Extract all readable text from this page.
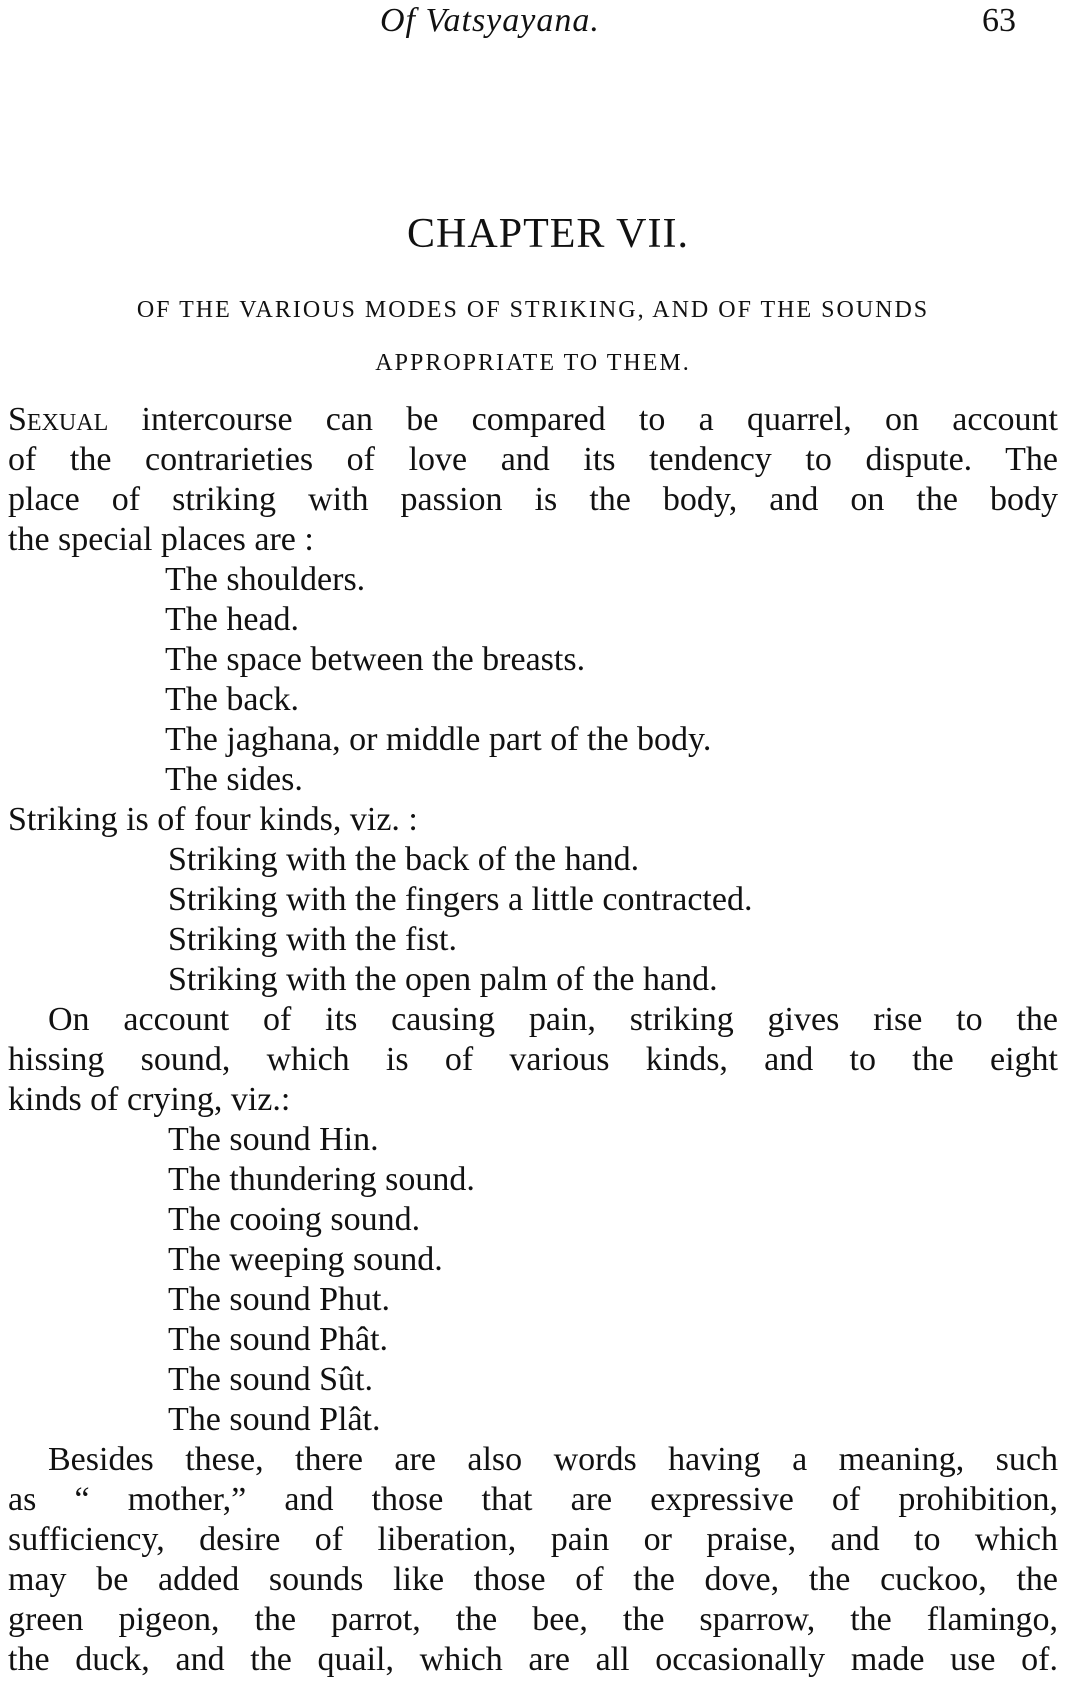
Of Vatsyayana.	63
CHAPTER VII.
OF THE VARIOUS MODES OF STRIKING, AND OF THE SOUNDS
APPROPRIATE TO THEM.
Sexual intercourse can be compared to a quarrel, on account
of the contrarieties of love and its tendency to dispute. The
place of striking with passion is the body, and on the body
the special places are :
The shoulders.
The head.
The space between the breasts.
The back.
The jaghana, or middle part of the body.
The sides.
Striking is of four kinds, viz. :
Striking with the back of the hand.
Striking with the fingers a little contracted.
Striking with the fist.
Striking with the open palm of the hand.
On account of its causing pain, striking gives rise to the
hissing sound, which is of various kinds, and to the eight
kinds of crying, viz.:
The sound Hin.
The thundering sound.
The cooing sound.
The weeping sound.
The sound Phut.
The sound Phât.
The sound Sût.
The sound Plât.
Besides these, there are also words having a meaning, such
as “ mother,” and those that are expressive of prohibition,
sufficiency, desire of liberation, pain or praise, and to which
may be added sounds like those of the dove, the cuckoo, the
green pigeon, the parrot, the bee, the sparrow, the flamingo,
the duck, and the quail, which are all occasionally made use of.
